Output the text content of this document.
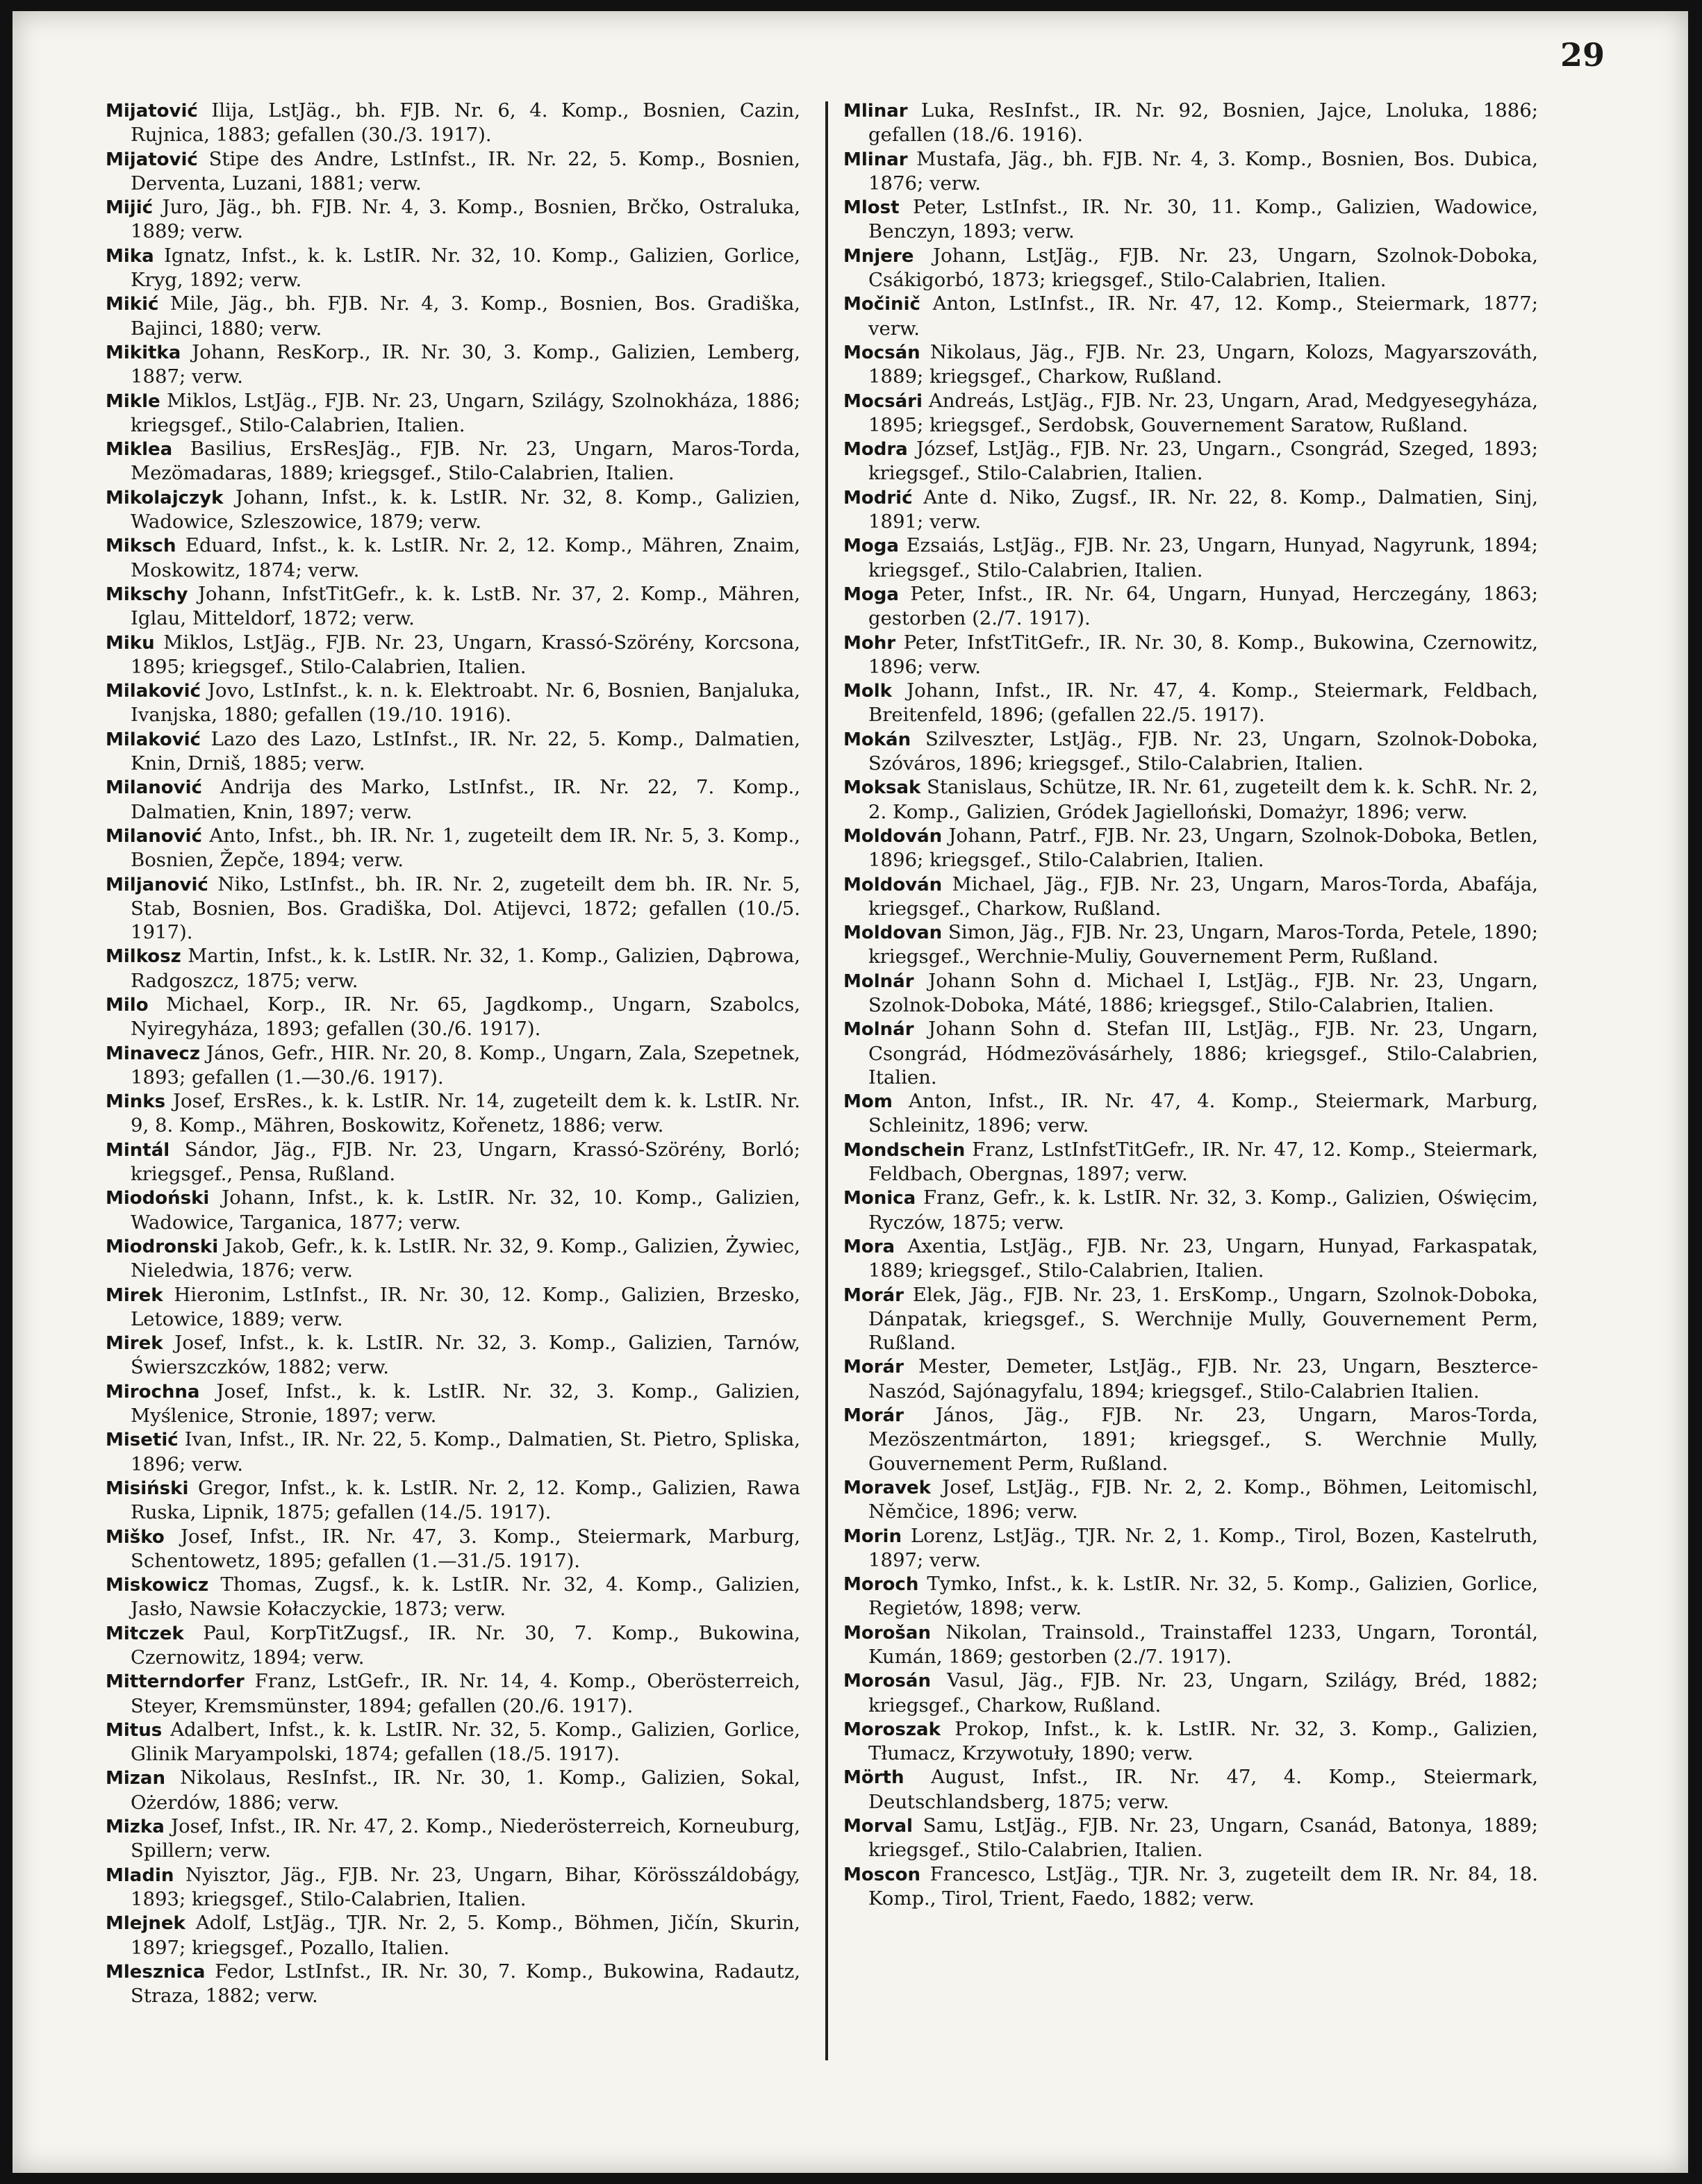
29
Mijatović Ilija, LstJäg., bh. FJB. Nr. 6, 4. Komp., Bosnien, Cazin, Rujnica, 1883; gefallen (30./3. 1917).
Mijatović Stipe des Andre, LstInfst., IR. Nr. 22, 5. Komp., Bosnien, Derventa, Luzani, 1881; verw.
Mijić Juro, Jäg., bh. FJB. Nr. 4, 3. Komp., Bosnien, Brčko, Ostraluka, 1889; verw.
Mika Ignatz, Infst., k. k. LstIR. Nr. 32, 10. Komp., Galizien, Gorlice, Kryg, 1892; verw.
Mikić Mile, Jäg., bh. FJB. Nr. 4, 3. Komp., Bosnien, Bos. Gradiška, Bajinci, 1880; verw.
Mikitka Johann, ResKorp., IR. Nr. 30, 3. Komp., Galizien, Lemberg, 1887; verw.
Mikle Miklos, LstJäg., FJB. Nr. 23, Ungarn, Szilágy, Szolnokháza, 1886; kriegsgef., Stilo-Calabrien, Italien.
Miklea Basilius, ErsResJäg., FJB. Nr. 23, Ungarn, Maros-Torda, Mezömadaras, 1889; kriegsgef., Stilo-Calabrien, Italien.
Mikolajczyk Johann, Infst., k. k. LstIR. Nr. 32, 8. Komp., Galizien, Wadowice, Szleszowice, 1879; verw.
Miksch Eduard, Infst., k. k. LstIR. Nr. 2, 12. Komp., Mähren, Znaim, Moskowitz, 1874; verw.
Mikschy Johann, InfstTitGefr., k. k. LstB. Nr. 37, 2. Komp., Mähren, Iglau, Mitteldorf, 1872; verw.
Miku Miklos, LstJäg., FJB. Nr. 23, Ungarn, Krassó-Szörény, Korcsona, 1895; kriegsgef., Stilo-Calabrien, Italien.
Milaković Jovo, LstInfst., k. n. k. Elektroabt. Nr. 6, Bosnien, Banjaluka, Ivanjska, 1880; gefallen (19./10. 1916).
Milaković Lazo des Lazo, LstInfst., IR. Nr. 22, 5. Komp., Dalmatien, Knin, Drniš, 1885; verw.
Milanović Andrija des Marko, LstInfst., IR. Nr. 22, 7. Komp., Dalmatien, Knin, 1897; verw.
Milanović Anto, Infst., bh. IR. Nr. 1, zugeteilt dem IR. Nr. 5, 3. Komp., Bosnien, Žepče, 1894; verw.
Miljanović Niko, LstInfst., bh. IR. Nr. 2, zugeteilt dem bh. IR. Nr. 5, Stab, Bosnien, Bos. Gradiška, Dol. Atijevci, 1872; gefallen (10./5. 1917).
Milkosz Martin, Infst., k. k. LstIR. Nr. 32, 1. Komp., Galizien, Dąbrowa, Radgoszcz, 1875; verw.
Milo Michael, Korp., IR. Nr. 65, Jagdkomp., Ungarn, Szabolcs, Nyiregyháza, 1893; gefallen (30./6. 1917).
Minavecz János, Gefr., HIR. Nr. 20, 8. Komp., Ungarn, Zala, Szepetnek, 1893; gefallen (1.—30./6. 1917).
Minks Josef, ErsRes., k. k. LstIR. Nr. 14, zugeteilt dem k. k. LstIR. Nr. 9, 8. Komp., Mähren, Boskowitz, Kořenetz, 1886; verw.
Mintál Sándor, Jäg., FJB. Nr. 23, Ungarn, Krassó-Szörény, Borló; kriegsgef., Pensa, Rußland.
Miodoński Johann, Infst., k. k. LstIR. Nr. 32, 10. Komp., Galizien, Wadowice, Targanica, 1877; verw.
Miodronski Jakob, Gefr., k. k. LstIR. Nr. 32, 9. Komp., Galizien, Żywiec, Nieledwia, 1876; verw.
Mirek Hieronim, LstInfst., IR. Nr. 30, 12. Komp., Galizien, Brzesko, Letowice, 1889; verw.
Mirek Josef, Infst., k. k. LstIR. Nr. 32, 3. Komp., Galizien, Tarnów, Świerszczków, 1882; verw.
Mirochna Josef, Infst., k. k. LstIR. Nr. 32, 3. Komp., Galizien, Myślenice, Stronie, 1897; verw.
Misetić Ivan, Infst., IR. Nr. 22, 5. Komp., Dalmatien, St. Pietro, Spliska, 1896; verw.
Misiński Gregor, Infst., k. k. LstIR. Nr. 2, 12. Komp., Galizien, Rawa Ruska, Lipnik, 1875; gefallen (14./5. 1917).
Miško Josef, Infst., IR. Nr. 47, 3. Komp., Steiermark, Marburg, Schentowetz, 1895; gefallen (1.—31./5. 1917).
Miskowicz Thomas, Zugsf., k. k. LstIR. Nr. 32, 4. Komp., Galizien, Jasło, Nawsie Kołaczyckie, 1873; verw.
Mitczek Paul, KorpTitZugsf., IR. Nr. 30, 7. Komp., Bukowina, Czernowitz, 1894; verw.
Mitterndorfer Franz, LstGefr., IR. Nr. 14, 4. Komp., Oberösterreich, Steyer, Kremsmünster, 1894; gefallen (20./6. 1917).
Mitus Adalbert, Infst., k. k. LstIR. Nr. 32, 5. Komp., Galizien, Gorlice, Glinik Maryampolski, 1874; gefallen (18./5. 1917).
Mizan Nikolaus, ResInfst., IR. Nr. 30, 1. Komp., Galizien, Sokal, Ożerdów, 1886; verw.
Mizka Josef, Infst., IR. Nr. 47, 2. Komp., Niederösterreich, Korneuburg, Spillern; verw.
Mladin Nyisztor, Jäg., FJB. Nr. 23, Ungarn, Bihar, Körösszáldobágy, 1893; kriegsgef., Stilo-Calabrien, Italien.
Mlejnek Adolf, LstJäg., TJR. Nr. 2, 5. Komp., Böhmen, Jičín, Skurin, 1897; kriegsgef., Pozallo, Italien.
Mlesznica Fedor, LstInfst., IR. Nr. 30, 7. Komp., Bukowina, Radautz, Straza, 1882; verw.
Mlinar Luka, ResInfst., IR. Nr. 92, Bosnien, Jajce, Lnoluka, 1886; gefallen (18./6. 1916).
Mlinar Mustafa, Jäg., bh. FJB. Nr. 4, 3. Komp., Bosnien, Bos. Dubica, 1876; verw.
Mlost Peter, LstInfst., IR. Nr. 30, 11. Komp., Galizien, Wadowice, Benczyn, 1893; verw.
Mnjere Johann, LstJäg., FJB. Nr. 23, Ungarn, Szolnok-Doboka, Csákigorbó, 1873; kriegsgef., Stilo-Calabrien, Italien.
Močinič Anton, LstInfst., IR. Nr. 47, 12. Komp., Steiermark, 1877; verw.
Mocsán Nikolaus, Jäg., FJB. Nr. 23, Ungarn, Kolozs, Magyarszováth, 1889; kriegsgef., Charkow, Rußland.
Mocsári Andreás, LstJäg., FJB. Nr. 23, Ungarn, Arad, Medgyesegyháza, 1895; kriegsgef., Serdobsk, Gouvernement Saratow, Rußland.
Modra József, LstJäg., FJB. Nr. 23, Ungarn., Csongrád, Szeged, 1893; kriegsgef., Stilo-Calabrien, Italien.
Modrić Ante d. Niko, Zugsf., IR. Nr. 22, 8. Komp., Dalmatien, Sinj, 1891; verw.
Moga Ezsaiás, LstJäg., FJB. Nr. 23, Ungarn, Hunyad, Nagyrunk, 1894; kriegsgef., Stilo-Calabrien, Italien.
Moga Peter, Infst., IR. Nr. 64, Ungarn, Hunyad, Herczegány, 1863; gestorben (2./7. 1917).
Mohr Peter, InfstTitGefr., IR. Nr. 30, 8. Komp., Bukowina, Czernowitz, 1896; verw.
Molk Johann, Infst., IR. Nr. 47, 4. Komp., Steiermark, Feldbach, Breitenfeld, 1896; (gefallen 22./5. 1917).
Mokán Szilveszter, LstJäg., FJB. Nr. 23, Ungarn, Szolnok-Doboka, Szóváros, 1896; kriegsgef., Stilo-Calabrien, Italien.
Moksak Stanislaus, Schütze, IR. Nr. 61, zugeteilt dem k. k. SchR. Nr. 2, 2. Komp., Galizien, Gródek Jagielloński, Domażyr, 1896; verw.
Moldován Johann, Patrf., FJB. Nr. 23, Ungarn, Szolnok-Doboka, Betlen, 1896; kriegsgef., Stilo-Calabrien, Italien.
Moldován Michael, Jäg., FJB. Nr. 23, Ungarn, Maros-Torda, Abafája, kriegsgef., Charkow, Rußland.
Moldovan Simon, Jäg., FJB. Nr. 23, Ungarn, Maros-Torda, Petele, 1890; kriegsgef., Werchnie-Muliy, Gouvernement Perm, Rußland.
Molnár Johann Sohn d. Michael I, LstJäg., FJB. Nr. 23, Ungarn, Szolnok-Doboka, Máté, 1886; kriegsgef., Stilo-Calabrien, Italien.
Molnár Johann Sohn d. Stefan III, LstJäg., FJB. Nr. 23, Ungarn, Csongrád, Hódmezövásárhely, 1886; kriegsgef., Stilo-Calabrien, Italien.
Mom Anton, Infst., IR. Nr. 47, 4. Komp., Steiermark, Marburg, Schleinitz, 1896; verw.
Mondschein Franz, LstInfstTitGefr., IR. Nr. 47, 12. Komp., Steiermark, Feldbach, Obergnas, 1897; verw.
Monica Franz, Gefr., k. k. LstIR. Nr. 32, 3. Komp., Galizien, Oświęcim, Ryczów, 1875; verw.
Mora Axentia, LstJäg., FJB. Nr. 23, Ungarn, Hunyad, Farkaspatak, 1889; kriegsgef., Stilo-Calabrien, Italien.
Morár Elek, Jäg., FJB. Nr. 23, 1. ErsKomp., Ungarn, Szolnok-Doboka, Dánpatak, kriegsgef., S. Werchnije Mully, Gouvernement Perm, Rußland.
Morár Mester, Demeter, LstJäg., FJB. Nr. 23, Ungarn, Beszterce-Naszód, Sajónagyfalu, 1894; kriegsgef., Stilo-Calabrien Italien.
Morár János, Jäg., FJB. Nr. 23, Ungarn, Maros-Torda, Mezöszentmárton, 1891; kriegsgef., S. Werchnie Mully, Gouvernement Perm, Rußland.
Moravek Josef, LstJäg., FJB. Nr. 2, 2. Komp., Böhmen, Leitomischl, Němčice, 1896; verw.
Morin Lorenz, LstJäg., TJR. Nr. 2, 1. Komp., Tirol, Bozen, Kastelruth, 1897; verw.
Moroch Tymko, Infst., k. k. LstIR. Nr. 32, 5. Komp., Galizien, Gorlice, Regietów, 1898; verw.
Morošan Nikolan, Trainsold., Trainstaffel 1233, Ungarn, Torontál, Kumán, 1869; gestorben (2./7. 1917).
Morosán Vasul, Jäg., FJB. Nr. 23, Ungarn, Szilágy, Bréd, 1882; kriegsgef., Charkow, Rußland.
Moroszak Prokop, Infst., k. k. LstIR. Nr. 32, 3. Komp., Galizien, Tłumacz, Krzywotuły, 1890; verw.
Mörth August, Infst., IR. Nr. 47, 4. Komp., Steiermark, Deutschlandsberg, 1875; verw.
Morval Samu, LstJäg., FJB. Nr. 23, Ungarn, Csanád, Batonya, 1889; kriegsgef., Stilo-Calabrien, Italien.
Moscon Francesco, LstJäg., TJR. Nr. 3, zugeteilt dem IR. Nr. 84, 18. Komp., Tirol, Trient, Faedo, 1882; verw.
